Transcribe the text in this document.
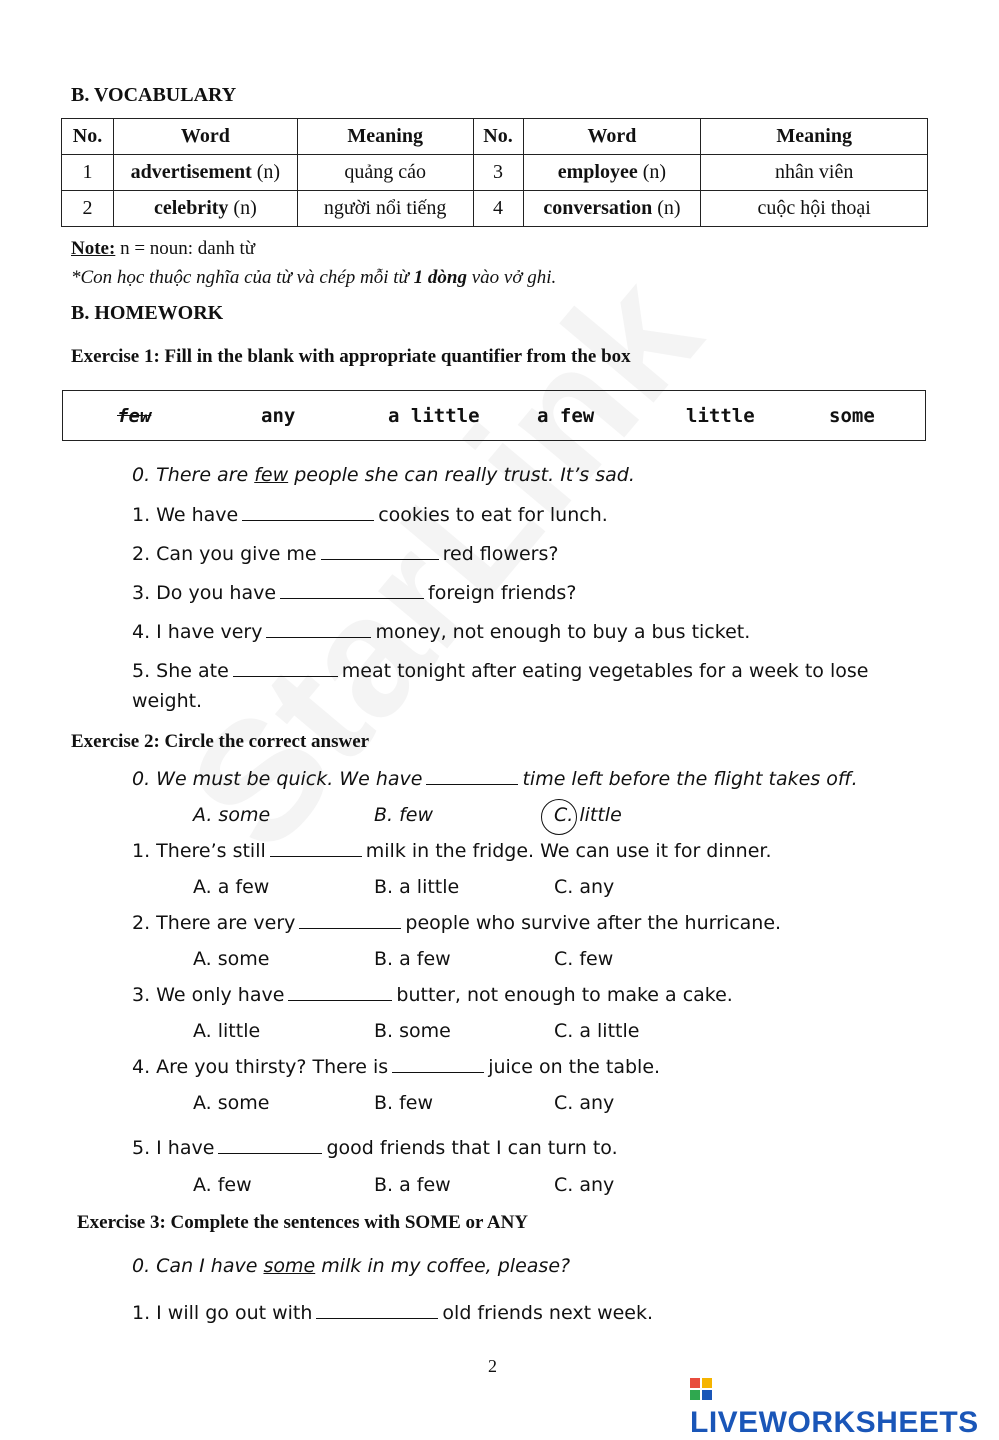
B. VOCABULARY
No.	Word	Meaning	No.	Word	Meaning
1	advertisement (n)	quảng cáo	3	employee (n)	nhân viên
2	celebrity (n)	người nổi tiếng	4	conversation (n)	cuộc hội thoại
Note: n = noun: danh từ
*Con học thuộc nghĩa của từ và chép mỗi từ 1 dòng vào vở ghi.
B. HOMEWORK
Exercise 1: Fill in the blank with appropriate quantifier from the box
few	any	a little	a few	little	some
0. There are few people she can really trust. It’s sad.
1. We have	cookies to eat for lunch.
2. Can you give me	red flowers?
3. Do you have	foreign friends?
4. I have very	money, not enough to buy a bus ticket.
5. She ate	meat tonight after eating vegetables for a week to lose
weight.
Exercise 2: Circle the correct answer
0. We must be quick. We have	time left before the flight takes off.
A. some	B. few	C. little
1. There’s still	milk in the fridge. We can use it for dinner.
A. a few	B. a little	C. any
2. There are very	people who survive after the hurricane.
A. some	B. a few	C. few
3. We only have	butter, not enough to make a cake.
A. little	B. some	C. a little
4. Are you thirsty? There is	juice on the table.
A. some	B. few	C. any
5. I have	good friends that I can turn to.
A. few	B. a few	C. any
Exercise 3: Complete the sentences with SOME or ANY
0. Can I have some milk in my coffee, please?
1. I will go out with	old friends next week.
2
LIVEWORKSHEETS
